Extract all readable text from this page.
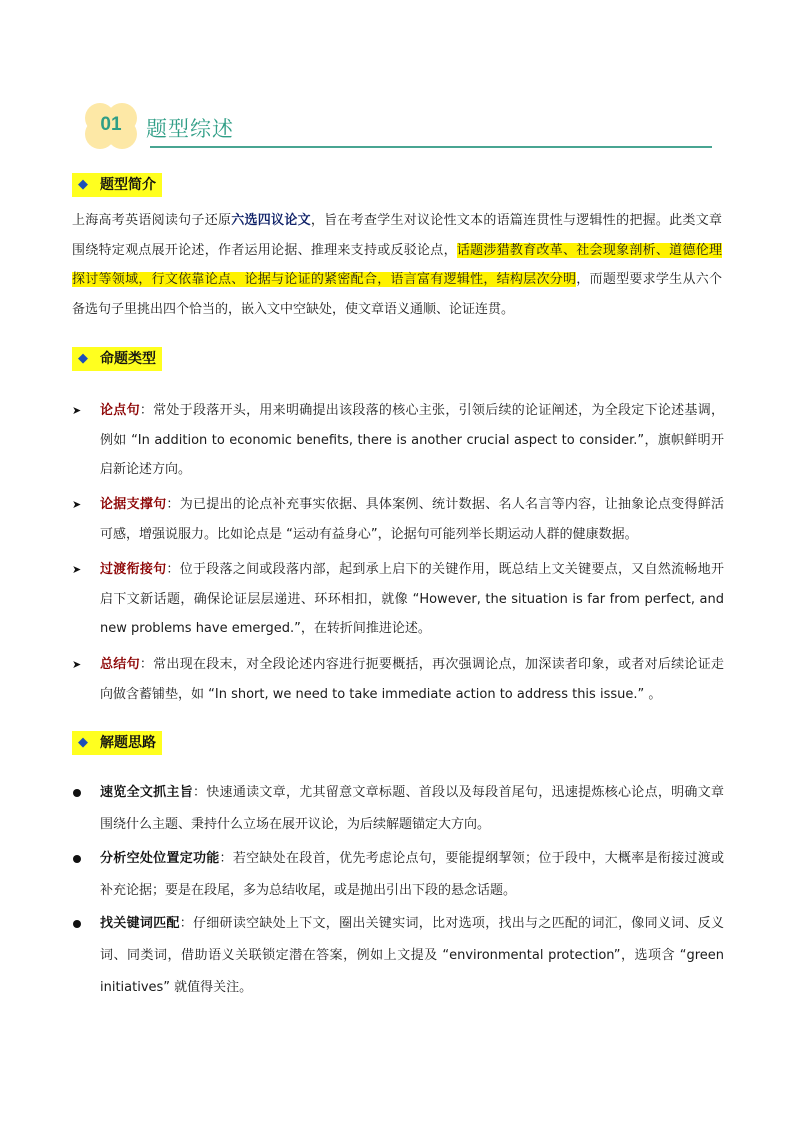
01	题型综述
◆ 题型简介
上海高考英语阅读句子还原六选四议论文，旨在考查学生对议论性文本的语篇连贯性与逻辑性的把握。此类文章围绕特定观点展开论述，作者运用论据、推理来支持或反驳论点，话题涉猎教育改革、社会现象剖析、道德伦理探讨等领域，行文依靠论点、论据与论证的紧密配合，语言富有逻辑性，结构层次分明，而题型要求学生从六个备选句子里挑出四个恰当的，嵌入文中空缺处，使文章语义通顺、论证连贯。
◆ 命题类型
➤	论点句：常处于段落开头，用来明确提出该段落的核心主张，引领后续的论证阐述，为全段定下论述基调，例如 “In addition to economic benefits, there is another crucial aspect to consider.”，旗帜鲜明开启新论述方向。
➤	论据支撑句：为已提出的论点补充事实依据、具体案例、统计数据、名人名言等内容，让抽象论点变得鲜活可感，增强说服力。比如论点是 “运动有益身心”，论据句可能列举长期运动人群的健康数据。
➤	过渡衔接句：位于段落之间或段落内部，起到承上启下的关键作用，既总结上文关键要点，又自然流畅地开启下文新话题，确保论证层层递进、环环相扣，就像 “However, the situation is far from perfect, and new problems have emerged.”，在转折间推进论述。
➤	总结句：常出现在段末，对全段论述内容进行扼要概括，再次强调论点，加深读者印象，或者对后续论证走向做含蓄铺垫，如 “In short, we need to take immediate action to address this issue.” 。
◆ 解题思路
速览全文抓主旨：快速通读文章，尤其留意文章标题、首段以及每段首尾句，迅速提炼核心论点，明确文章围绕什么主题、秉持什么立场在展开议论，为后续解题锚定大方向。
分析空处位置定功能：若空缺处在段首，优先考虑论点句，要能提纲挈领；位于段中，大概率是衔接过渡或补充论据；要是在段尾，多为总结收尾，或是抛出引出下段的悬念话题。
找关键词匹配：仔细研读空缺处上下文，圈出关键实词，比对选项，找出与之匹配的词汇，像同义词、反义词、同类词，借助语义关联锁定潜在答案，例如上文提及 “environmental protection”，选项含 “green initiatives” 就值得关注。
